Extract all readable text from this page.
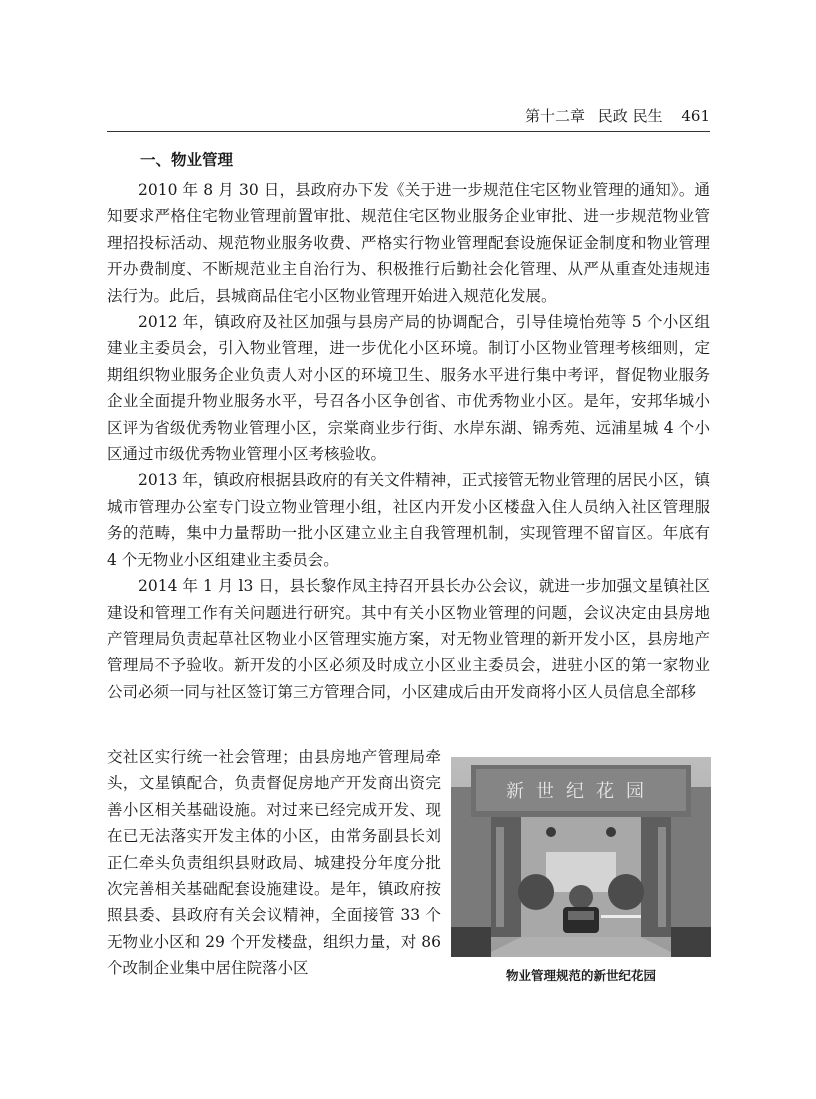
第十二章 民政 民生 461
一、物业管理

2010 年 8 月 30 日，县政府办下发《关于进一步规范住宅区物业管理的通知》。通知要求严格住宅物业管理前置审批、规范住宅区物业服务企业审批、进一步规范物业管理招投标活动、规范物业服务收费、严格实行物业管理配套设施保证金制度和物业管理开办费制度、不断规范业主自治行为、积极推行后勤社会化管理、从严从重查处违规违法行为。此后，县城商品住宅小区物业管理开始进入规范化发展。

2012 年，镇政府及社区加强与县房产局的协调配合，引导佳境怡苑等 5 个小区组建业主委员会，引入物业管理，进一步优化小区环境。制订小区物业管理考核细则，定期组织物业服务企业负责人对小区的环境卫生、服务水平进行集中考评，督促物业服务企业全面提升物业服务水平，号召各小区争创省、市优秀物业小区。是年，安邦华城小区评为省级优秀物业管理小区，宗棠商业步行街、水岸东湖、锦秀苑、远浦星城 4 个小区通过市级优秀物业管理小区考核验收。

2013 年，镇政府根据县政府的有关文件精神，正式接管无物业管理的居民小区，镇城市管理办公室专门设立物业管理小组，社区内开发小区楼盘入住人员纳入社区管理服务的范畴，集中力量帮助一批小区建立业主自我管理机制，实现管理不留盲区。年底有 4 个无物业小区组建业主委员会。

2014 年 1 月 l3 日，县长黎作凤主持召开县长办公会议，就进一步加强文星镇社区建设和管理工作有关问题进行研究。其中有关小区物业管理的问题，会议决定由县房地产管理局负责起草社区物业小区管理实施方案，对无物业管理的新开发小区，县房地产管理局不予验收。新开发的小区必须及时成立小区业主委员会，进驻小区的第一家物业公司必须一同与社区签订第三方管理合同，小区建成后由开发商将小区人员信息全部移

交社区实行统一社会管理；由县房地产管理局牵头，文星镇配合，负责督促房地产开发商出资完善小区相关基础设施。对过来已经完成开发、现在已无法落实开发主体的小区，由常务副县长刘正仁牵头负责组织县财政局、城建投分年度分批次完善相关基础配套设施建设。是年，镇政府按照县委、县政府有关会议精神，全面接管 33 个无物业小区和 29 个开发楼盘，组织力量，对 86 个改制企业集中居住院落小区

新世纪花园
物业管理规范的新世纪花园
